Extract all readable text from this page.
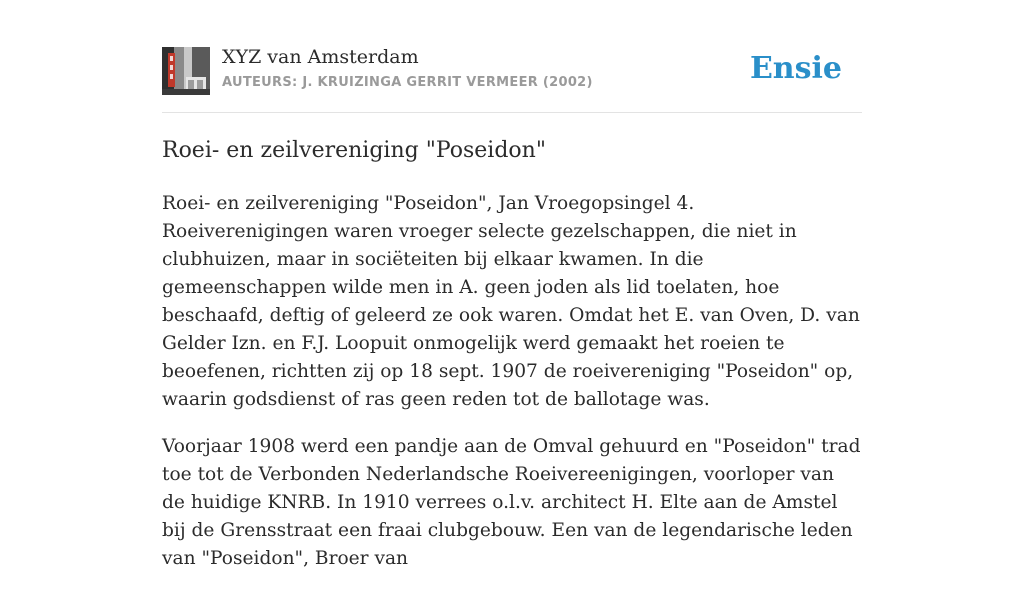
XYZ van Amsterdam
AUTEURS: J. KRUIZINGA GERRIT VERMEER (2002)	Ensie
Roei- en zeilvereniging "Poseidon"

Roei- en zeilvereniging "Poseidon", Jan Vroegopsingel 4. Roeiverenigingen waren vroeger selecte gezelschappen, die niet in clubhuizen, maar in sociëteiten bij elkaar kwamen. In die gemeenschappen wilde men in A. geen joden als lid toelaten, hoe beschaafd, deftig of geleerd ze ook waren. Omdat het E. van Oven, D. van Gelder Izn. en F.J. Loopuit onmogelijk werd gemaakt het roeien te beoefenen, richtten zij op 18 sept. 1907 de roeivereniging "Poseidon" op, waarin godsdienst of ras geen reden tot de ballotage was.

Voorjaar 1908 werd een pandje aan de Omval gehuurd en "Poseidon" trad toe tot de Verbonden Nederlandsche Roeivereenigingen, voorloper van de huidige KNRB. In 1910 verrees o.l.v. architect H. Elte aan de Amstel bij de Grensstraat een fraai clubgebouw. Een van de legendarische leden van "Poseidon", Broer van
